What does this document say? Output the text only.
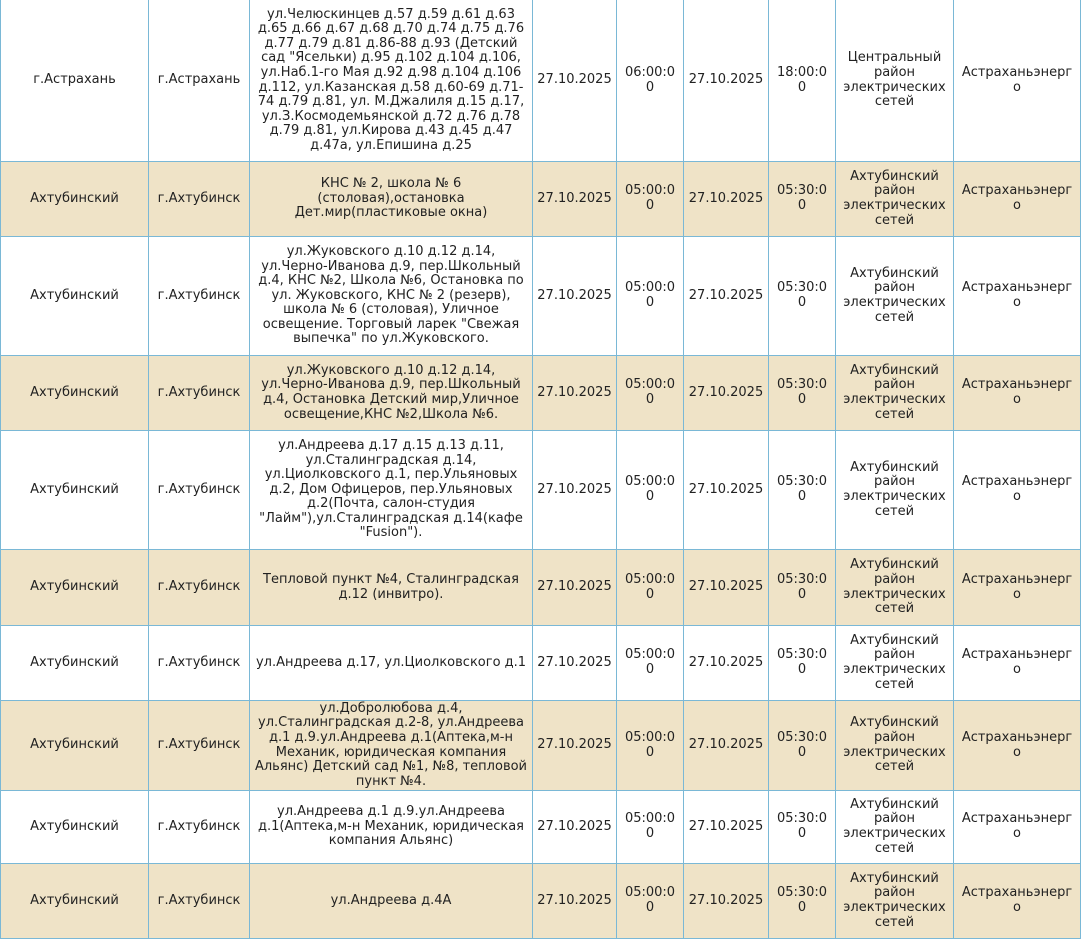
г.Астрахань	г.Астрахань	ул.Челюскинцев д.57 д.59 д.61 д.63 д.65 д.66 д.67 д.68 д.70 д.74 д.75 д.76 д.77 д.79 д.81 д.86-88 д.93 (Детский сад "Ясельки) д.95 д.102 д.104 д.106, ул.Наб.1-го Мая д.92 д.98 д.104 д.106 д.112, ул.Казанская д.58 д.60-69 д.71-74 д.79 д.81, ул. М.Джалиля д.15 д.17, ул.З.Космодемьянской д.72 д.76 д.78 д.79 д.81, ул.Кирова д.43 д.45 д.47 д.47а, ул.Епишина д.25	27.10.2025	06:00:00	27.10.2025	18:00:00	Центральный район электрических сетей	Астраханьэнерго
Ахтубинский	г.Ахтубинск	КНС № 2, школа № 6 (столовая),остановка Дет.мир(пластиковые окна)	27.10.2025	05:00:00	27.10.2025	05:30:00	Ахтубинский район электрических сетей	Астраханьэнерго
Ахтубинский	г.Ахтубинск	ул.Жуковского д.10 д.12 д.14, ул.Черно-Иванова д.9, пер.Школьный д.4, КНС №2, Школа №6, Остановка по ул. Жуковского, КНС № 2 (резерв), школа № 6 (столовая), Уличное освещение. Торговый ларек "Свежая выпечка" по ул.Жуковского.	27.10.2025	05:00:00	27.10.2025	05:30:00	Ахтубинский район электрических сетей	Астраханьэнерго
Ахтубинский	г.Ахтубинск	ул.Жуковского д.10 д.12 д.14, ул.Черно-Иванова д.9, пер.Школьный д.4, Остановка Детский мир,Уличное освещение,КНС №2,Школа №6.	27.10.2025	05:00:00	27.10.2025	05:30:00	Ахтубинский район электрических сетей	Астраханьэнерго
Ахтубинский	г.Ахтубинск	ул.Андреева д.17 д.15 д.13 д.11, ул.Сталинградская д.14, ул.Циолковского д.1, пер.Ульяновых д.2, Дом Офицеров, пер.Ульяновых д.2(Почта, салон-студия "Лайм"),ул.Сталинградская д.14(кафе "Fusion").	27.10.2025	05:00:00	27.10.2025	05:30:00	Ахтубинский район электрических сетей	Астраханьэнерго
Ахтубинский	г.Ахтубинск	Тепловой пункт №4, Сталинградская д.12 (инвитро).	27.10.2025	05:00:00	27.10.2025	05:30:00	Ахтубинский район электрических сетей	Астраханьэнерго
Ахтубинский	г.Ахтубинск	ул.Андреева д.17, ул.Циолковского д.1	27.10.2025	05:00:00	27.10.2025	05:30:00	Ахтубинский район электрических сетей	Астраханьэнерго
Ахтубинский	г.Ахтубинск	ул.Добролюбова д.4, ул.Сталинградская д.2-8, ул.Андреева д.1 д.9.ул.Андреева д.1(Аптека,м-н Механик, юридическая компания Альянс) Детский сад №1, №8, тепловой пункт №4.	27.10.2025	05:00:00	27.10.2025	05:30:00	Ахтубинский район электрических сетей	Астраханьэнерго
Ахтубинский	г.Ахтубинск	ул.Андреева д.1 д.9.ул.Андреева д.1(Аптека,м-н Механик, юридическая компания Альянс)	27.10.2025	05:00:00	27.10.2025	05:30:00	Ахтубинский район электрических сетей	Астраханьэнерго
Ахтубинский	г.Ахтубинск	ул.Андреева д.4А	27.10.2025	05:00:00	27.10.2025	05:30:00	Ахтубинский район электрических сетей	Астраханьэнерго
